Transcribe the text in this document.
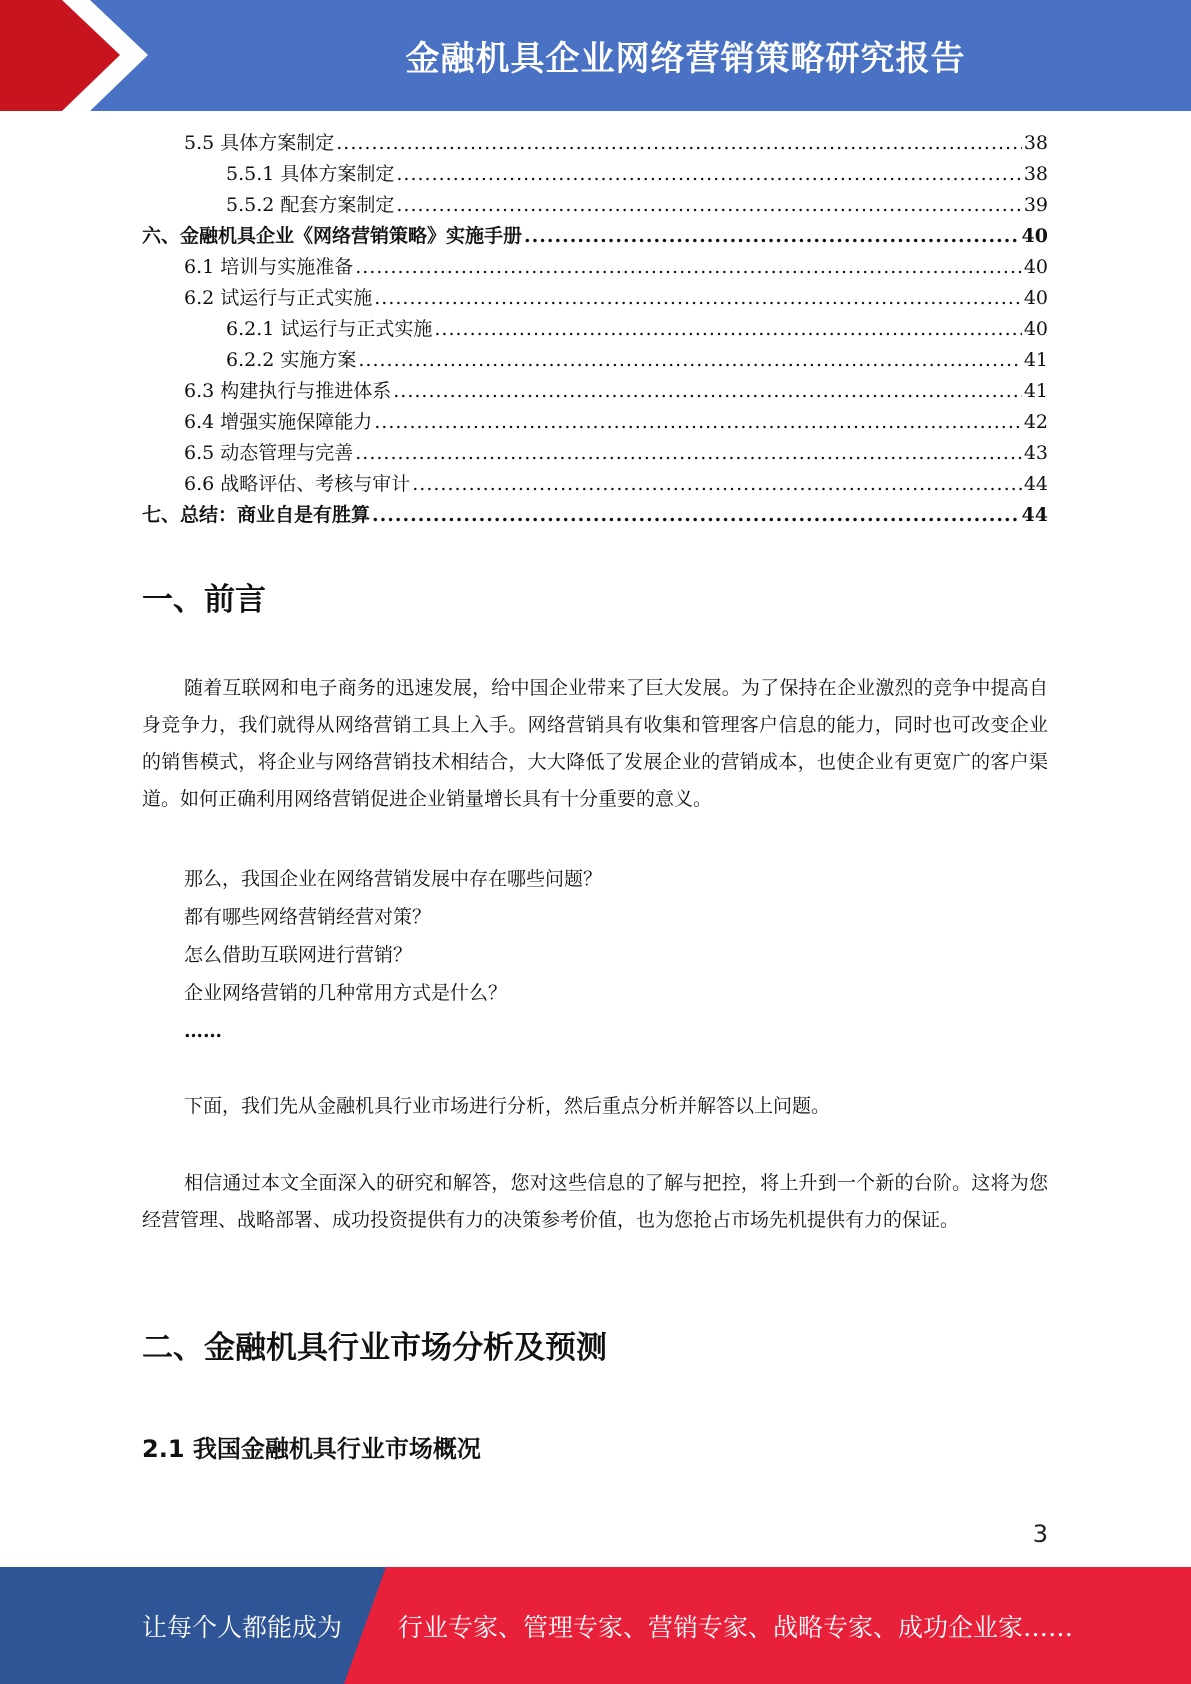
金融机具企业网络营销策略研究报告
5.5 具体方案制定 .....	38
5.5.1 具体方案制定 .....	38
5.5.2 配套方案制定 .....	39
六、金融机具企业《网络营销策略》实施手册 .....	40
6.1 培训与实施准备 .....	40
6.2 试运行与正式实施 .....	40
6.2.1 试运行与正式实施 .....	40
6.2.2 实施方案 .....	41
6.3 构建执行与推进体系 .....	41
6.4 增强实施保障能力 .....	42
6.5 动态管理与完善 .....	43
6.6 战略评估、考核与审计 .....	44
七、总结：商业自是有胜算 .....	44
一、前言
随着互联网和电子商务的迅速发展，给中国企业带来了巨大发展。为了保持在企业激烈的竞争中提高自身竞争力，我们就得从网络营销工具上入手。网络营销具有收集和管理客户信息的能力，同时也可改变企业的销售模式，将企业与网络营销技术相结合，大大降低了发展企业的营销成本，也使企业有更宽广的客户渠道。如何正确利用网络营销促进企业销量增长具有十分重要的意义。
那么，我国企业在网络营销发展中存在哪些问题？
都有哪些网络营销经营对策？
怎么借助互联网进行营销？
企业网络营销的几种常用方式是什么？
……
下面，我们先从金融机具行业市场进行分析，然后重点分析并解答以上问题。
相信通过本文全面深入的研究和解答，您对这些信息的了解与把控，将上升到一个新的台阶。这将为您经营管理、战略部署、成功投资提供有力的决策参考价值，也为您抢占市场先机提供有力的保证。
二、金融机具行业市场分析及预测
2.1 我国金融机具行业市场概况
3
让每个人都能成为 行业专家、管理专家、营销专家、战略专家、成功企业家……
